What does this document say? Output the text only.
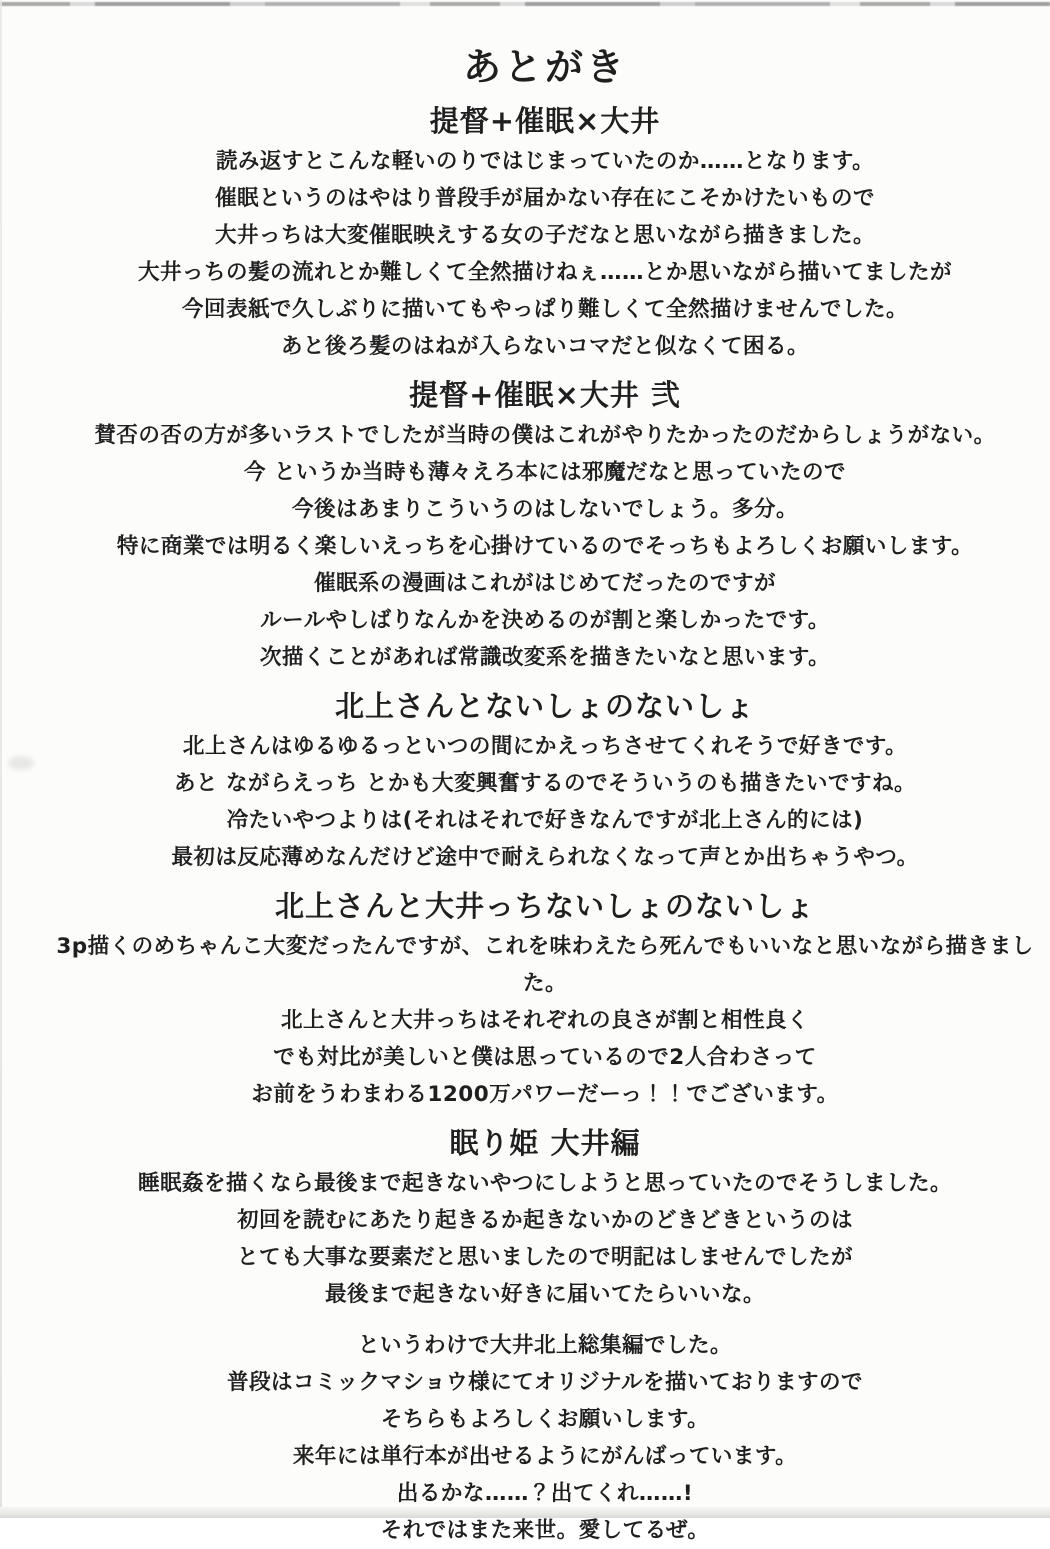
あとがき
提督+催眠×大井

読み返すとこんな軽いのりではじまっていたのか……となります。

催眠というのはやはり普段手が届かない存在にこそかけたいもので

大井っちは大変催眠映えする女の子だなと思いながら描きました。

大井っちの髪の流れとか難しくて全然描けねぇ……とか思いながら描いてましたが

今回表紙で久しぶりに描いてもやっぱり難しくて全然描けませんでした。

あと後ろ髪のはねが入らないコマだと似なくて困る。

提督+催眠×大井 弐

賛否の否の方が多いラストでしたが当時の僕はこれがやりたかったのだからしょうがない。

今 というか当時も薄々えろ本には邪魔だなと思っていたので

今後はあまりこういうのはしないでしょう。多分。

特に商業では明るく楽しいえっちを心掛けているのでそっちもよろしくお願いします。

催眠系の漫画はこれがはじめてだったのですが

ルールやしばりなんかを決めるのが割と楽しかったです。

次描くことがあれば常識改変系を描きたいなと思います。

北上さんとないしょのないしょ

北上さんはゆるゆるっといつの間にかえっちさせてくれそうで好きです。

あと ながらえっち とかも大変興奮するのでそういうのも描きたいですね。

冷たいやつよりは(それはそれで好きなんですが北上さん的には)

最初は反応薄めなんだけど途中で耐えられなくなって声とか出ちゃうやつ。

北上さんと大井っちないしょのないしょ

3p描くのめちゃんこ大変だったんですが、これを味わえたら死んでもいいなと思いながら描きました。

北上さんと大井っちはそれぞれの良さが割と相性良く

でも対比が美しいと僕は思っているので2人合わさって

お前をうわまわる1200万パワーだーっ！！でございます。

眠り姫 大井編

睡眠姦を描くなら最後まで起きないやつにしようと思っていたのでそうしました。

初回を読むにあたり起きるか起きないかのどきどきというのは

とても大事な要素だと思いましたので明記はしませんでしたが

最後まで起きない好きに届いてたらいいな。

というわけで大井北上総集編でした。

普段はコミックマショウ様にてオリジナルを描いておりますので

そちらもよろしくお願いします。

来年には単行本が出せるようにがんばっています。

出るかな……？出てくれ……!

それではまた来世。愛してるぜ。
